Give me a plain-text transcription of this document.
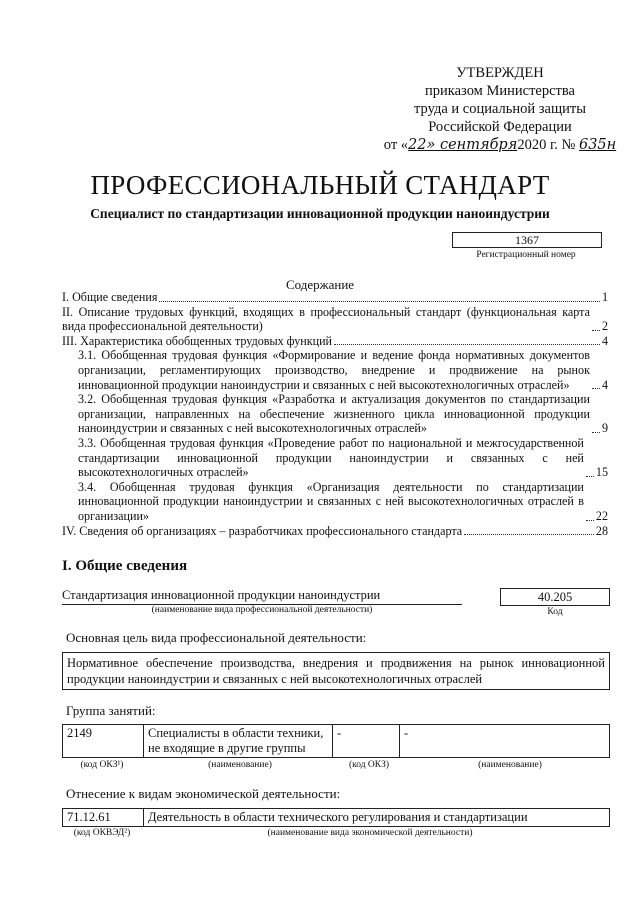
УТВЕРЖДЕН
приказом Министерства
труда и социальной защиты
Российской Федерации
от «22» сентября2020 г. № 635н
ПРОФЕССИОНАЛЬНЫЙ СТАНДАРТ
Специалист по стандартизации инновационной продукции наноиндустрии
1367
Регистрационный номер
Содержание
I. Общие сведения	1
II. Описание трудовых функций, входящих в профессиональный стандарт (функциональная карта вида профессиональной деятельности)	2
III. Характеристика обобщенных трудовых функций	4
3.1. Обобщенная трудовая функция «Формирование и ведение фонда нормативных документов организации, регламентирующих производство, внедрение и продвижение на рынок инновационной продукции наноиндустрии и связанных с ней высокотехнологичных отраслей»	4
3.2. Обобщенная трудовая функция «Разработка и актуализация документов по стандартизации организации, направленных на обеспечение жизненного цикла инновационной продукции наноиндустрии и связанных с ней высокотехнологичных отраслей»	9
3.3. Обобщенная трудовая функция «Проведение работ по национальной и межгосударственной стандартизации инновационной продукции наноиндустрии и связанных с ней высокотехнологичных отраслей»	15
3.4. Обобщенная трудовая функция «Организация деятельности по стандартизации инновационной продукции наноиндустрии и связанных с ней высокотехнологичных отраслей в организации»	22
IV. Сведения об организациях – разработчиках профессионального стандарта	28
I. Общие сведения
Стандартизация инновационной продукции наноиндустрии
(наименование вида профессиональной деятельности)
40.205
Код
Основная цель вида профессиональной деятельности:
Нормативное обеспечение производства, внедрения и продвижения на рынок инновационной продукции наноиндустрии и связанных с ней высокотехнологичных отраслей
Группа занятий:
2149	Специалисты в области техники, не входящие в другие группы	-	-
(код ОКЗ¹)	(наименование)	(код ОКЗ)	(наименование)
Отнесение к видам экономической деятельности:
71.12.61	Деятельность в области технического регулирования и стандартизации
(код ОКВЭД²)	(наименование вида экономической деятельности)
